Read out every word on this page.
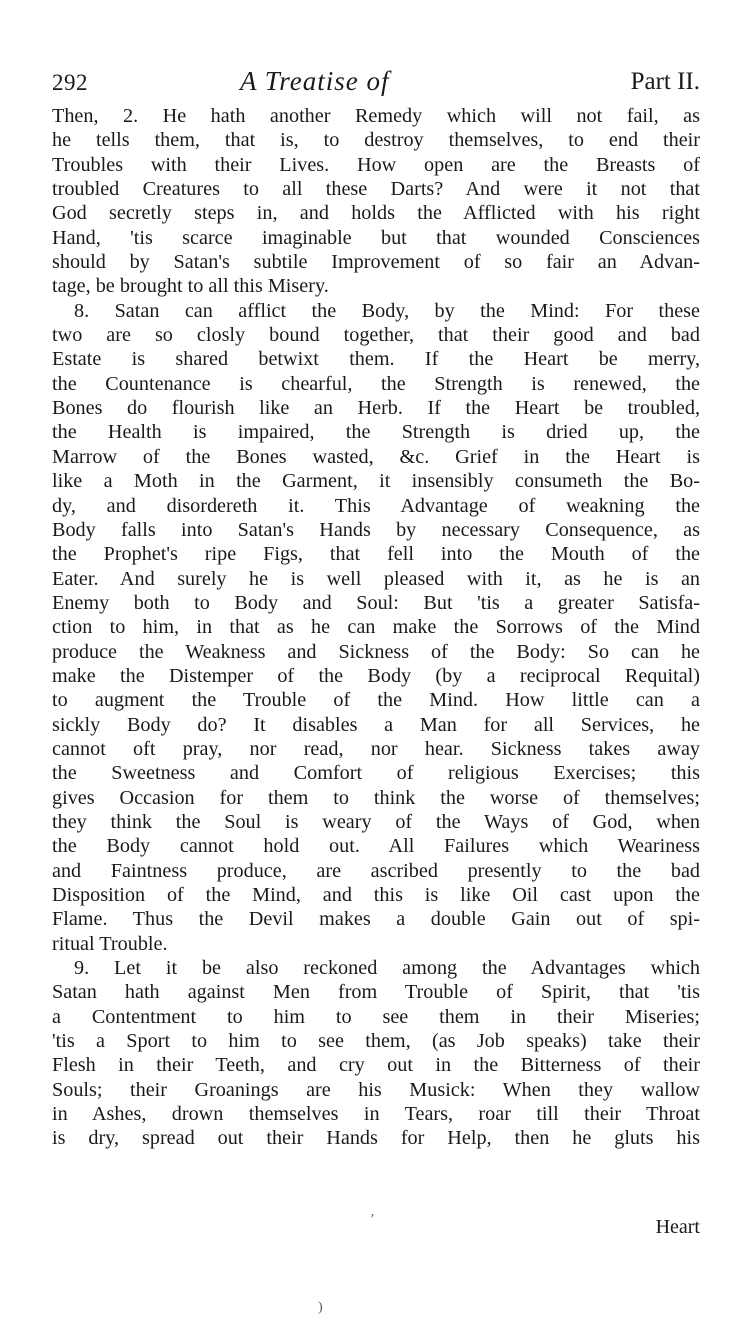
292	A Treatise of	Part II.
Then, 2. He hath another Remedy which will not fail, as
he tells them, that is, to destroy themselves, to end their
Troubles with their Lives. How open are the Breasts of
troubled Creatures to all these Darts? And were it not that
God secretly steps in, and holds the Afflicted with his right
Hand, 'tis scarce imaginable but that wounded Consciences
should by Satan's subtile Improvement of so fair an Advan-
tage, be brought to all this Misery.
8. Satan can afflict the Body, by the Mind: For these
two are so closly bound together, that their good and bad
Estate is shared betwixt them. If the Heart be merry,
the Countenance is chearful, the Strength is renewed, the
Bones do flourish like an Herb. If the Heart be troubled,
the Health is impaired, the Strength is dried up, the
Marrow of the Bones wasted, &c. Grief in the Heart is
like a Moth in the Garment, it insensibly consumeth the Bo-
dy, and disordereth it. This Advantage of weakning the
Body falls into Satan's Hands by necessary Consequence, as
the Prophet's ripe Figs, that fell into the Mouth of the
Eater. And surely he is well pleased with it, as he is an
Enemy both to Body and Soul: But 'tis a greater Satisfa-
ction to him, in that as he can make the Sorrows of the Mind
produce the Weakness and Sickness of the Body: So can he
make the Distemper of the Body (by a reciprocal Requital)
to augment the Trouble of the Mind. How little can a
sickly Body do? It disables a Man for all Services, he
cannot oft pray, nor read, nor hear. Sickness takes away
the Sweetness and Comfort of religious Exercises; this
gives Occasion for them to think the worse of themselves;
they think the Soul is weary of the Ways of God, when
the Body cannot hold out. All Failures which Weariness
and Faintness produce, are ascribed presently to the bad
Disposition of the Mind, and this is like Oil cast upon the
Flame. Thus the Devil makes a double Gain out of spi-
ritual Trouble.
9. Let it be also reckoned among the Advantages which
Satan hath against Men from Trouble of Spirit, that 'tis
a Contentment to him to see them in their Miseries;
'tis a Sport to him to see them, (as Job speaks) take their
Flesh in their Teeth, and cry out in the Bitterness of their
Souls; their Groanings are his Musick: When they wallow
in Ashes, drown themselves in Tears, roar till their Throat
is dry, spread out their Hands for Help, then he gluts his
Heart
’
)
